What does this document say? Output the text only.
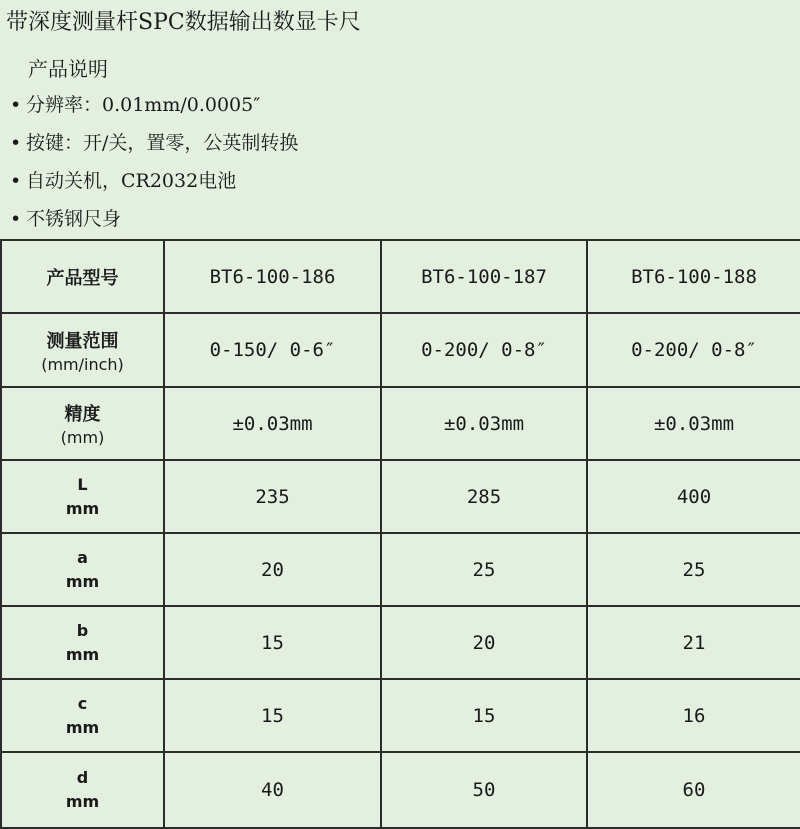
带深度测量杆SPC数据输出数显卡尺
产品说明
• 分辨率：0.01mm/0.0005″
• 按键：开/关，置零，公英制转换
• 自动关机，CR2032电池
• 不锈钢尺身
产品型号	BT6-100-186	BT6-100-187	BT6-100-188
测量范围
(mm/inch)	0-150/ 0-6″	0-200/ 0-8″	0-200/ 0-8″
精度
(mm)	±0.03mm	±0.03mm	±0.03mm
L
mm	235	285	400
a
mm	20	25	25
b
mm	15	20	21
c
mm	15	15	16
d
mm	40	50	60
